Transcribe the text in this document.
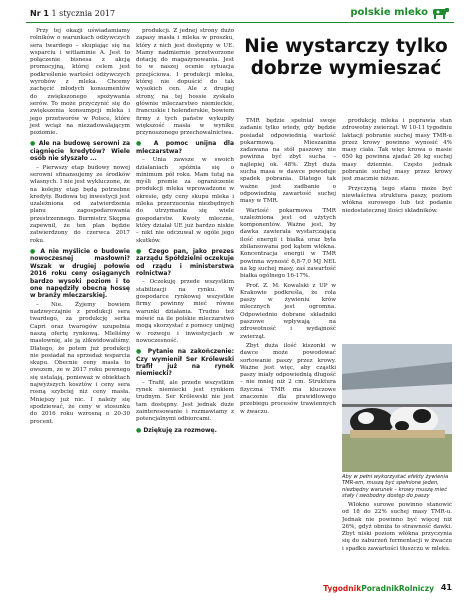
Nr 1 1 stycznia 2017	polskie mleko

Przy tej okazji uświadamiamy rolników o warunkach odżywczych sera twardego – skupiając się na wsparciu i wittaminie A. Jest to połączenie bisnesa z akcją promocyjną, której celem jest podkreślenie wartości odżywczych wyrobów z mleka. Chcemy zachęcić młodych konsumentów do zwiększonego spożywania serów. To może przyczynić się do zwiększenia konsumpcji mleka i jego przetworów w Polsce, które jest wciąż na niezadowalającym poziomie.

● Ale na budowę serowni za ciągnięcie kredytów? Wiele osób nie słyszało ...

– Pierwszy etap budowy nowej serowni sfinansujemy ze środków własnych. I nie jest wykluczone, że na kolejny etap będą potrzebne kredyty. Budowa tej inwestycji jest uzależniona od zatwierdzenia planu zagospodarowania przestrzennego. Burmistrz Skępna zapewnił, że ten plan będzie zatwierdzony do czerwca 2017 roku.

● A nie myślicie o budowie nowoczesnej masłowni? Wszak w drugiej połowie 2016 roku ceny osiąganych bardzo wysoki poziom i to one napędziły obecną hossę w branży mleczarskiej.

– Nie. Żyjemy bowiem nadzwyczajnie z produkcji sera twardego, za produkcję serka Capri oraz twarogów uzupełnia naszą ofertę rynkową. Mleliśmy masłownię, ale ją zlikwidowaliśmy. Dlatego, że potem już produkcji nie posiadał na sprzedaż wsparcia skupu. Obecnie ceny masła to owszem, ze w 2017 roku pewnego się ustalają, ponieważ w obiektach najwyższych kosztów i ceny sera rosną szybciej niż ceny masła. Mniejszy już nic. I należy się spodziewać, że ceny w stosunku do 2016 roku wzrosną o 20-30 procent.

produkcji. Z jednej strony dużo zapasy masła i mleka w proszku, który z nich jest dostępny w UE. Mamy nadmiernie przetworzone dotację do magazynowania. Jest to w naszej ocenie sytuacja przejściowa. I produkcji mleka, której nie dopuścić do tak wysokich cen. Ale z drugiej strony, na tej hossie zyskało głównie mleczarstwo niemieckie, francuskie i holenderskie, bowiem firmy z tych państw wykupiły większość masła w wyniku przynoszonego przechowalnictwa.

● A pomoc unijna dla mleczarstwa?

– Unia zawsze w swoich działaniach spóźnia się o minimum pół roku. Mam tutaj na myśli premie za ograniczenie produkcji mleka wprowadzone w okresie, gdy ceny skupu mleka i mleka przerzucenia niezbędnych do utrzymania się wiele gospodarstw. Kwoty mleczne, który działał UE już bardzo niskie – nikt nie odczuwał w ogóle jego skutków.

● Czego pan, jako prezes zarządu Spółdzielni oczekuje od rządu i ministerstwa rolnictwa?

– Oczekuję przede wszystkim stabilizacji na rynku. W gospodarce rynkowej wszystkie firmy powinny mieć równe warunki działania. Trudno też mówić na ile polskie mleczarstwo mogą skorzystać z pomocy unijnej w rozwoju i inwestycjach w nowoczesność.

● Pytanie na zakończenie: Czy wymienił Ser Królewski trafił już na rynek niemiecki?

– Trafił, ale przede wszystkim rynek niemiecki jest rynkiem trudnym. Ser Królewski nie jest tam dostępny. Jest jednak duże zainteresowanie i rozmawiamy z potencjalnymi odbiorcami.

● Dziękuję za rozmowę.
Nie wystarczy tylko
dobrze wymieszać

TMR będzie spełniał swoje zadanie tylko wtedy, gdy będzie posiadał odpowiednią wartość pokarmową. Mieszanina zadawana na stół paszowy nie powinna być zbyt sucha – najlepiej ok. 48%. Zbyt duża sucha masa w dawce powoduje spadek pobrania. Dlatego tak ważne jest zadbanie o odpowiednią zawartość suchej masy w TMR.

Wartość pokarmowa TMR uzależniona jest od użytych komponentów. Ważne jest, by dawka zawierała wystarczającą ilość energii i białka oraz była zbilansowana pod kątem włókna. Koncentracja energii w TMR powinna wynosić 6,8-7,0 MJ NEL na kg suchej masy, zaś zawartość białka ogólnego 16-17%.

Prof. Z. M. Kowalski z UP w Krakowie podkreśla, że rola paszy w żywieniu krów mlecznych jest ogromna. Odpowiednio dobrane składniki paszowe wpływają na zdrowotność i wydajność zwierząt.

Zbyt duża ilość kiszonki w dawce może powodować sortowanie paszy przez krowy. Ważne jest więc, aby cząstki paszy miały odpowiednią długość – nie mniej niż 2 cm. Struktura fizyczna TMR ma kluczowe znaczenie dla prawidłowego przebiegu procesów trawiennych w żwaczu.

produkcję mleka i poprawia stan zdrowotny zwierząt. W 10-11 tygodniu laktacji pobranie suchej masy TMR-u przez krowy powinno wynosić 4% masy ciała. Tak więc krowa o masie 650 kg powinna zjadać 26 kg suchej masy dziennie. Często jednak pobranie suchej masy przez krowy jest znacznie niższe.

Przyczyną tego stanu może być niewłaściwa struktura paszy, poziom włókna surowego lub też podanie niedostatecznej ilości składników.

Aby w pełni wykorzystać efekty żywienia TMR-em, muszą być spełnione jeden, niezbędny warunek – krowy muszą mieć stały i swobodny dostęp do paszy

Włókno surowe powinno stanowić od 18 do 22% suchej masy TMR-u. Jednak nie powinno być więcej niż 26%, gdyż obniża to strawność dawki. Zbyt niski poziom włókna przyczynia się do zaburzeń fermentacji w żwaczu i spadku zawartości tłuszczu w mleku.

TygodnikPoradnikRolniczy 41
